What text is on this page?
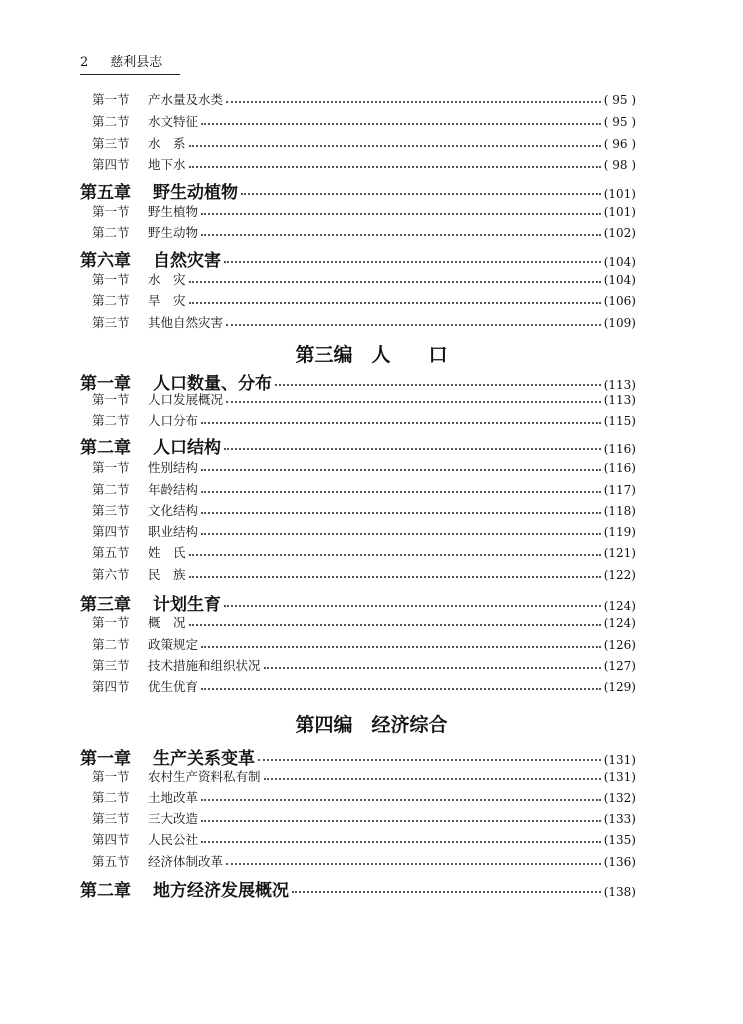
2 慈利县志
第一节	产水量及水类	( 95 )
第二节	水文特征	( 95 )
第三节	水　系	( 96 )
第四节	地下水	( 98 )
第五章	野生动植物	(101)
第一节	野生植物	(101)
第二节	野生动物	(102)
第六章	自然灾害	(104)
第一节	水　灾	(104)
第二节	旱　灾	(106)
第三节	其他自然灾害	(109)
第三编　人　　口
第一章	人口数量、分布	(113)
第一节	人口发展概况	(113)
第二节	人口分布	(115)
第二章	人口结构	(116)
第一节	性别结构	(116)
第二节	年龄结构	(117)
第三节	文化结构	(118)
第四节	职业结构	(119)
第五节	姓　氏	(121)
第六节	民　族	(122)
第三章	计划生育	(124)
第一节	概　况	(124)
第二节	政策规定	(126)
第三节	技术措施和组织状况	(127)
第四节	优生优育	(129)
第四编　经济综合
第一章	生产关系变革	(131)
第一节	农村生产资料私有制	(131)
第二节	土地改革	(132)
第三节	三大改造	(133)
第四节	人民公社	(135)
第五节	经济体制改革	(136)
第二章	地方经济发展概况	(138)
